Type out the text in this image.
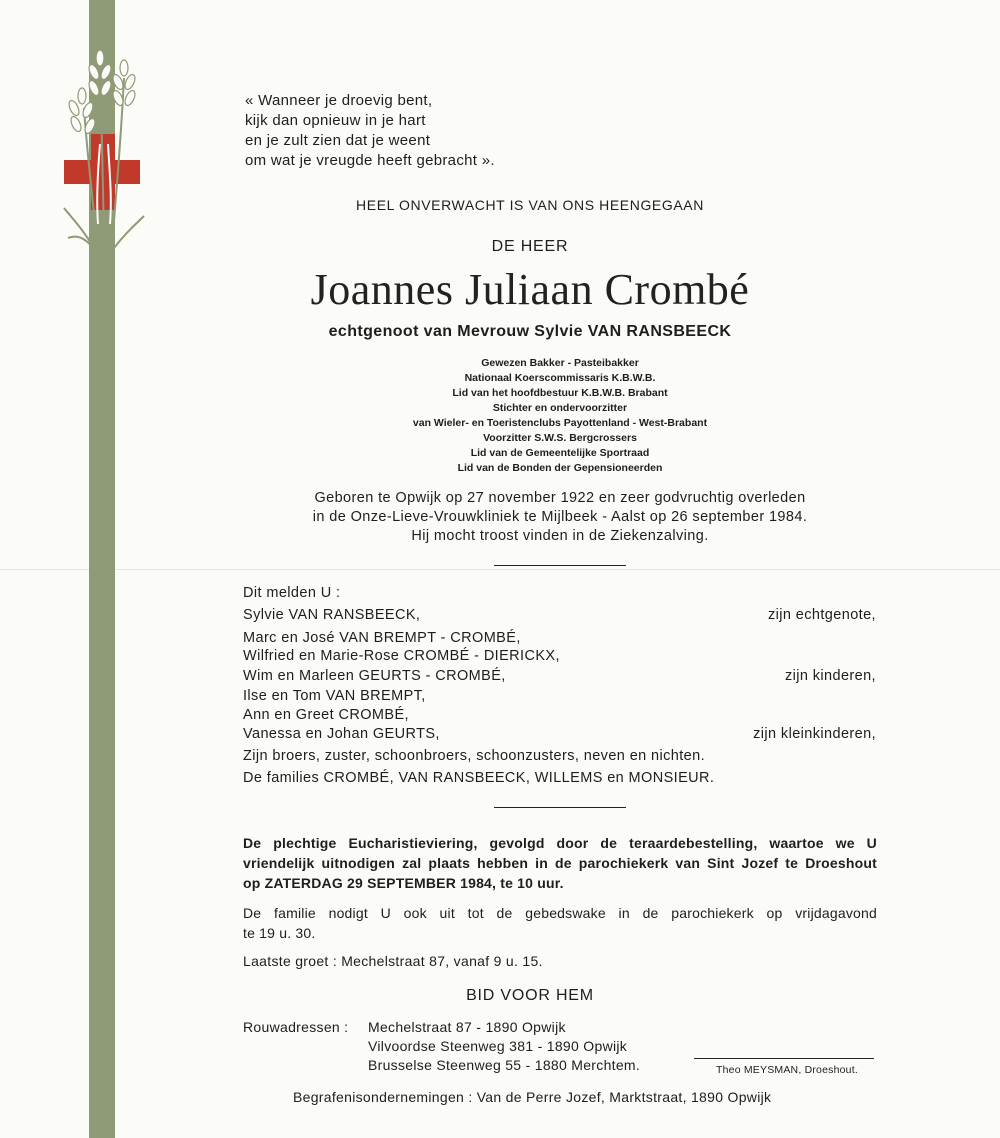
« Wanneer je droevig bent,
kijk dan opnieuw in je hart
en je zult zien dat je weent
om wat je vreugde heeft gebracht ».
HEEL ONVERWACHT IS VAN ONS HEENGEGAAN
DE HEER
Joannes Juliaan Crombé
echtgenoot van Mevrouw Sylvie VAN RANSBEECK
Gewezen Bakker - Pasteibakker
Nationaal Koerscommissaris K.B.W.B.
Lid van het hoofdbestuur K.B.W.B. Brabant
Stichter en ondervoorzitter
van Wieler- en Toeristenclubs Payottenland - West-Brabant
Voorzitter S.W.S. Bergcrossers
Lid van de Gemeentelijke Sportraad
Lid van de Bonden der Gepensioneerden
Geboren te Opwijk op 27 november 1922 en zeer godvruchtig overleden
in de Onze-Lieve-Vrouwkliniek te Mijlbeek - Aalst op 26 september 1984.
Hij mocht troost vinden in de Ziekenzalving.
Dit melden U :
Sylvie VAN RANSBEECK,
Marc en José VAN BREMPT - CROMBÉ,
Wilfried en Marie-Rose CROMBÉ - DIERICKX,
Wim en Marleen GEURTS - CROMBÉ,
Ilse en Tom VAN BREMPT,
Ann en Greet CROMBÉ,
Vanessa en Johan GEURTS,
Zijn broers, zuster, schoonbroers, schoonzusters, neven en nichten.
De families CROMBÉ, VAN RANSBEECK, WILLEMS en MONSIEUR.
zijn echtgenote,
zijn kinderen,
zijn kleinkinderen,
De plechtige Eucharistieviering, gevolgd door de teraardebestelling, waartoe we U
vriendelijk uitnodigen zal plaats hebben in de parochiekerk van Sint Jozef te Droeshout
op ZATERDAG 29 SEPTEMBER 1984, te 10 uur.
De familie nodigt U ook uit tot de gebedswake in de parochiekerk op vrijdagavond
te 19 u. 30.
Laatste groet : Mechelstraat 87, vanaf 9 u. 15.
BID VOOR HEM
Rouwadressen : Mechelstraat 87 - 1890 Opwijk
Vilvoordse Steenweg 381 - 1890 Opwijk
Brusselse Steenweg 55 - 1880 Merchtem.	Theo MEYSMAN, Droeshout.
Begrafenisondernemingen : Van de Perre Jozef, Marktstraat, 1890 Opwijk
